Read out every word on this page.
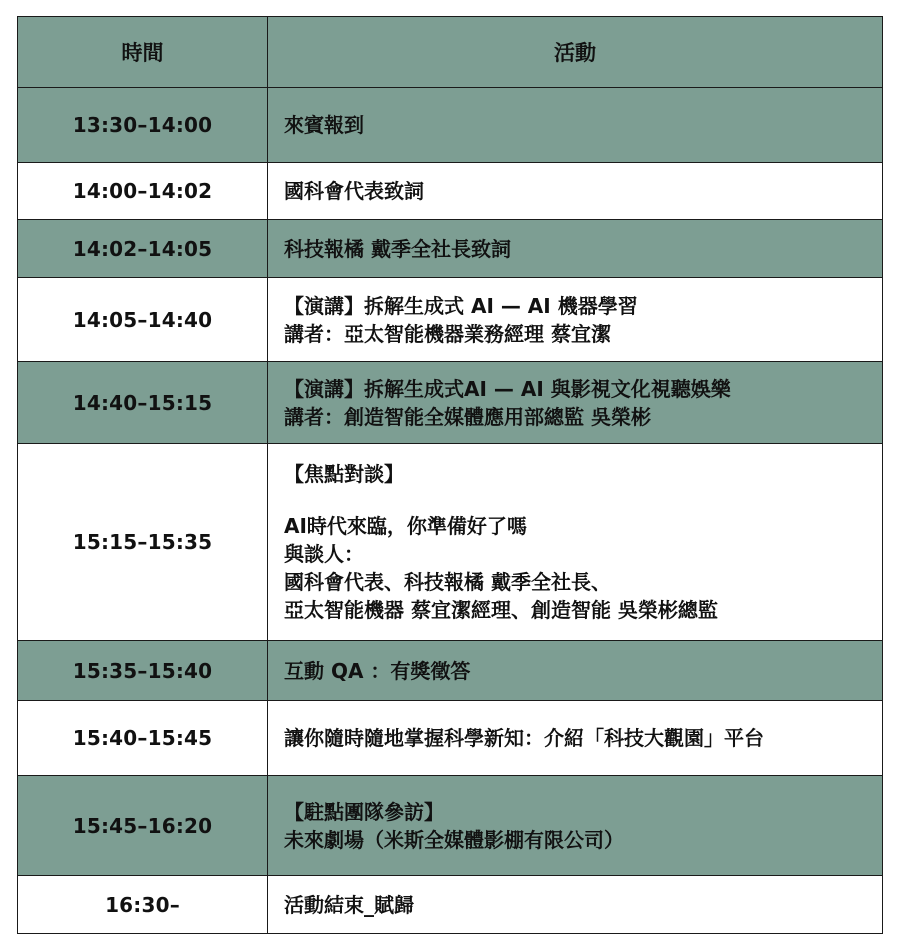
時間	活動
13:30–14:00	來賓報到

14:00–14:02	國科會代表致詞

14:02–14:05	科技報橘 戴季全社長致詞

14:05–14:40	【演講】拆解生成式 AI — AI 機器學習
講者：亞太智能機器業務經理 蔡宜潔

14:40–15:15	【演講】拆解生成式AI — AI 與影視文化視聽娛樂
講者：創造智能全媒體應用部總監 吳榮彬

15:15–15:35	【焦點對談】
AI時代來臨，你準備好了嗎
與談人：
國科會代表、科技報橘 戴季全社長、
亞太智能機器 蔡宜潔經理、創造智能 吳榮彬總監

15:35–15:40	互動 QA ：有獎徵答

15:40–15:45	讓你隨時隨地掌握科學新知：介紹「科技大觀園」平台

15:45–16:20	【駐點團隊參訪】
未來劇場（米斯全媒體影棚有限公司）

16:30–	活動結束_賦歸
